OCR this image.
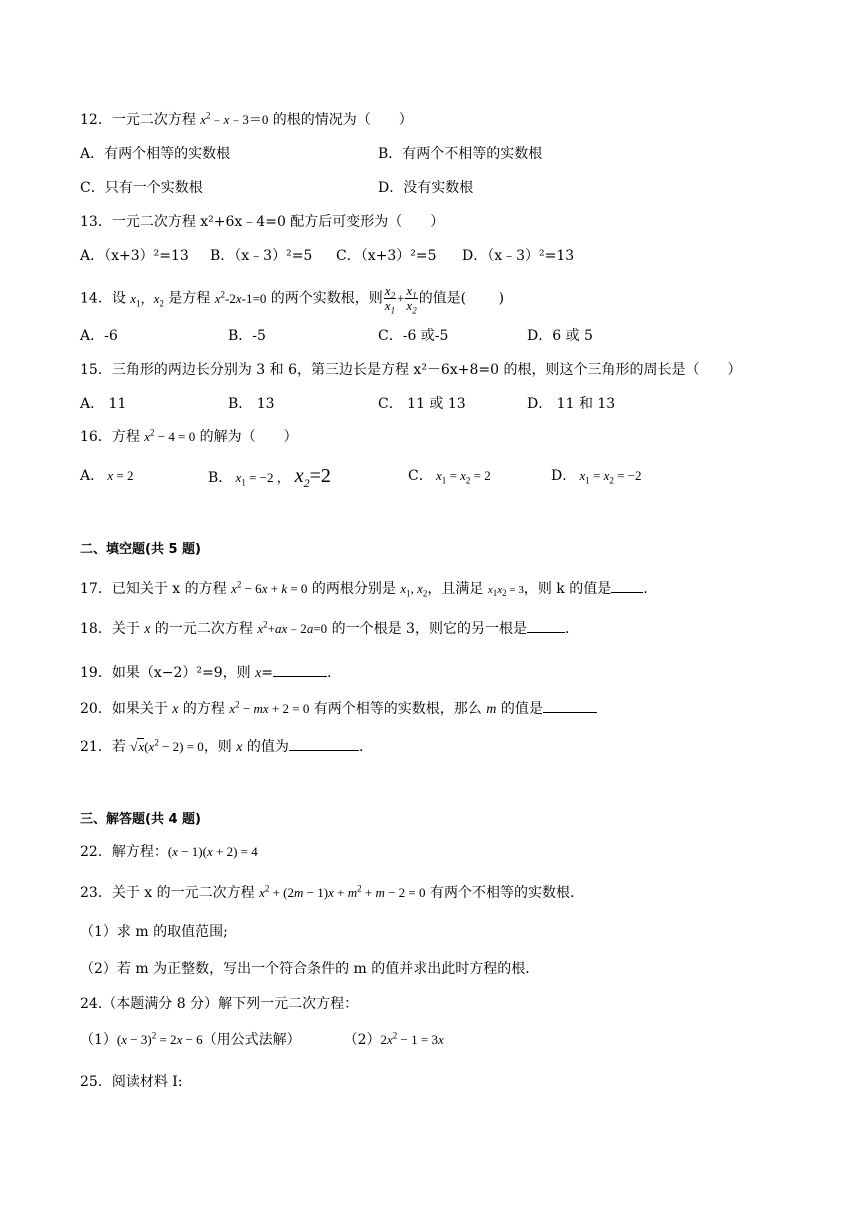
12．一元二次方程 $x^2﹣x﹣3=0$ 的根的情况为（　　）
A．有两个相等的实数根	B．有两个不相等的实数根
C．只有一个实数根	D．没有实数根
13．一元二次方程 x²+6x﹣4=0 配方后可变形为（　　）
A．（x+3）²=13 B．（x﹣3）²=5 C．（x+3）²=5 D．（x﹣3）²=13
14．设 $x_1$，$x_2$ 是方程 $x^2-2x-1=0$ 的两个实数根，则 $\frac{x_2}{x_1} + \frac{x_1}{x_2}$ 的值是(　　 )
A．-6	B．-5	C．-6 或-5	D．6 或 5
15．三角形的两边长分别为 3 和 6，第三边长是方程 x²－6x+8=0 的根，则这个三角形的周长是（　　）
A． 11	B． 13	C． 11 或 13	D． 11 和 13
16．方程 $x^2 - 4 = 0$ 的解为（　　）
A． x = 2	B． $x_1 = -2$ ， $x_2=2$	C． $x_1 = x_2 = 2$	D． $x_1 = x_2 = -2$
二、填空题(共 5 题)
17．已知关于 x 的方程 $x^2 - 6x + k = 0$ 的两根分别是 $x_1$, $x_2$，且满足 $x_1x_2 = 3$，则 k 的值是 .
18．关于 x 的一元二次方程 $x^2+ax﹣2a=0$ 的一个根是 3，则它的另一根是	.
19．如果（x−2）²=9，则 x=	.
20．如果关于 x 的方程 $x^2$ − mx + 2 = 0 有两个相等的实数根，那么 m 的值是
21．若 $√x(x^2 - 2) = 0$，则 x 的值为	.
三、解答题(共 4 题)
22．解方程：(x − 1)(x + 2) = 4
23．关于 x 的一元二次方程 $x^2 + (2m - 1)x + m^2 + m - 2 = 0$ 有两个不相等的实数根.
（1）求 m 的取值范围;
（2）若 m 为正整数，写出一个符合条件的 m 的值并求出此时方程的根.
24.（本题满分 8 分）解下列一元二次方程：
$(1)(x - 3)^2 = 2x - 6$（用公式法解）	$(2)2x^2 - 1 = 3x$
25．阅读材料 I:
